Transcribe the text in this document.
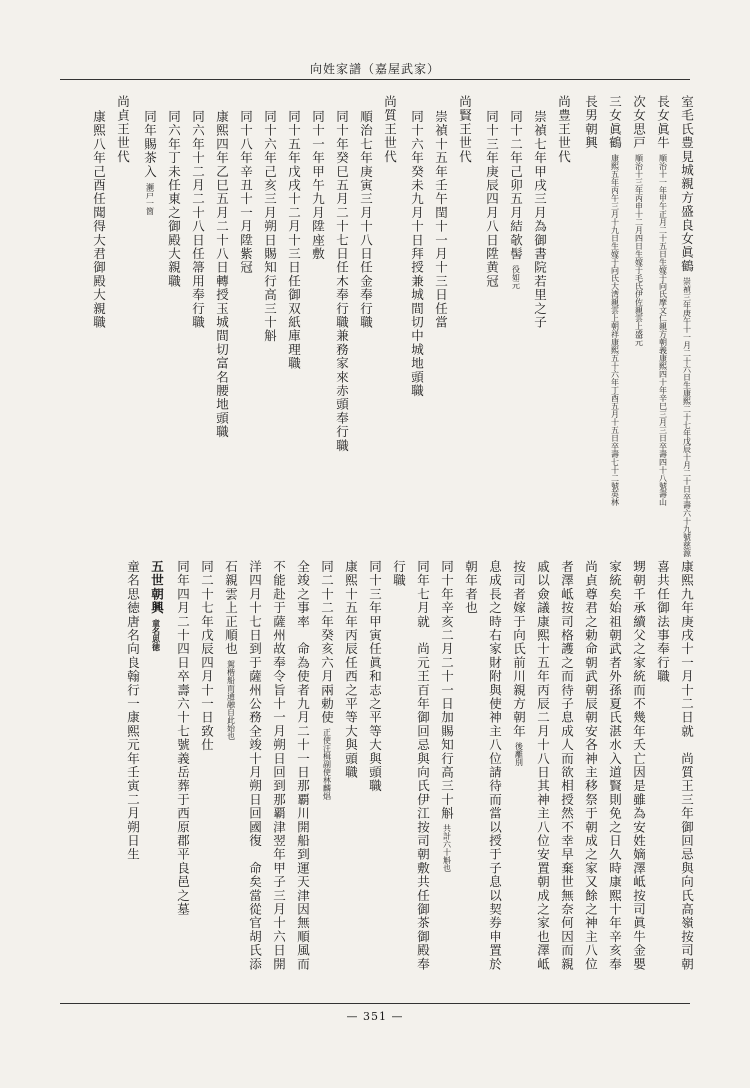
向姓家譜（嘉屋武家）
室毛氏豊見城親方盛良女眞鶴崇禎三年庚午十一月二十六日生康熙二十七年戊辰十月二十日卒壽六十九號慈源
長女眞牛順治十一年甲午正月二十五日生嫁于向氏摩文仁親方朝義康熙四十年辛巳三月三日卒壽四十八號壽山
次女思戸順治十三年丙申十二月四日生嫁于毛氏伊佐親雲上盛元
三女眞鶴康熙五年丙午三月十九日生嫁于向氏大湾親雲上朝祥康熙五十六年丁酉五月十五日卒壽七十二號英林
長男朝興
尚豊王世代
崇禎七年甲戌三月為御書院若里之子
同十二年己卯五月結欹髻役如元
同十三年庚辰四月八日陞黄冠
尚賢王世代
崇禎十五年壬午閏十一月十三日任當
同十六年癸未九月十日拜授兼城間切中城地頭職
尚質王世代
順治七年庚寅三月十八日任金奉行職
同十年癸巳五月二十七日任木奉行職兼務家來赤頭奉行職
同十一年甲午九月陞座敷
同十五年戊戌十二月十三日任御双紙庫理職
同十六年己亥三月朔日賜知行高三十斛
同十八年辛丑十一月陞紫冠
康熙四年乙巳五月二十八日轉授玉城間切富名腰地頭職
同六年十二月二十八日任箒用奉行職
同六年丁未任東之御殿大親職
同年賜茶入瀬戸一箇
尚貞王世代
康熙八年己酉任聞得大君御殿大親職
康熙九年庚戌十一月十二日就　尚質王三年御回忌與向氏高嶺按司朝
喜共任御法事奉行職
甥朝千承續父之家統而不幾年夭亡因是雖為安姓嫡澤岻按司眞牛金嬰
家統矣始祖朝武者外孫夏氏湛水入道賢則免之日久時康熙十年辛亥奉
尚貞尊君之勅命朝武朝辰朝安各神主移祭于朝成之家又餘之神主八位
者澤岻按司格護之而待子息成人而欲相授然不幸早棄世無奈何因而親
戚以僉議康熙十五年丙辰二月十八日其神主八位安置朝成之家也澤岻
按司者嫁于向氏前川親方朝年後離別
息成長之時右家財附與使神主八位請待而當以授于子息以契券申置於
朝年者也
同十年辛亥二月二十一日加賜知行高三十斛共計六十斛也
同年七月就　尚元王百年御回忌與向氏伊江按司朝敷共任御茶御殿奉
行職
同十三年甲寅任眞和志之平等大與頭職
康熙十五年丙辰任西之平等大與頭職
同二十二年癸亥六月兩勅使正使汪楫副使林麟焻
全竣之事率　命為使者九月二十一日那覇川開船到運天津因無順風而
不能赴于薩州故奉令旨十一月朔日回到那覇津翌年甲子三月十六日開
洋四月十七日到于薩州公務全竣十月朔日回國復　命矣當從官胡氏添
石親雲上正順也駕楷船而通融自此始也
同二十七年戊辰四月十一日致仕
同年四月二十四日卒壽六十七號義岳葬于西原郡平良邑之墓
五世朝興童名思徳
童名思徳唐名向良翰行一康熙元年壬寅二月朔日生
— 351 —
